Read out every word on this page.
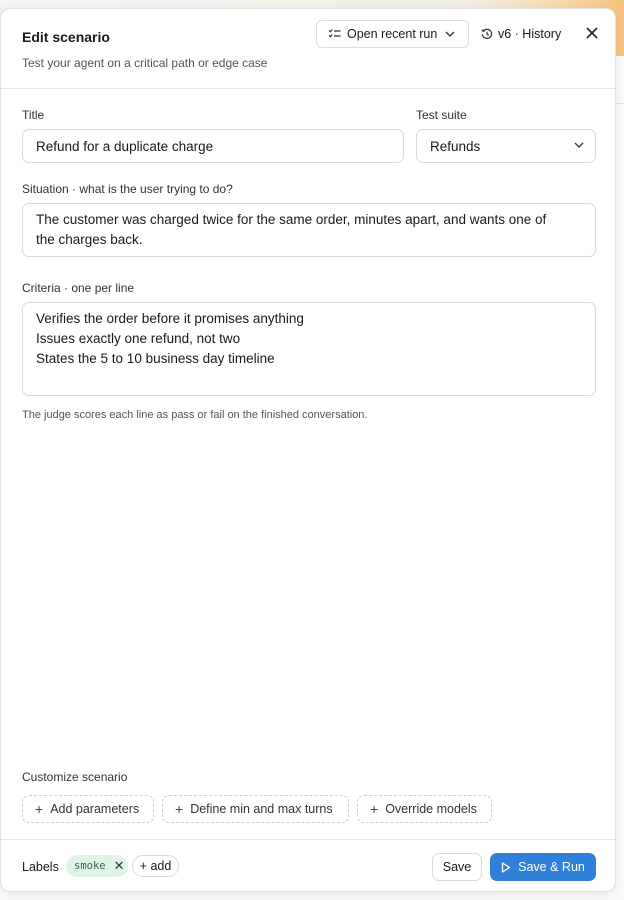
Edit scenario
Test your agent on a critical path or edge case
Open recent run	v6 · History
Title
Refund for a duplicate charge
Test suite
Refunds
Situation · what is the user trying to do?
The customer was charged twice for the same order, minutes apart, and wants one of
the charges back.
Criteria · one per line
Verifies the order before it promises anything
Issues exactly one refund, not two
States the 5 to 10 business day timeline
The judge scores each line as pass or fail on the finished conversation.
Customize scenario
+ Add parameters	+ Define min and max turns	+ Override models
Labels smoke ✕	+ add	Save	Save & Run
